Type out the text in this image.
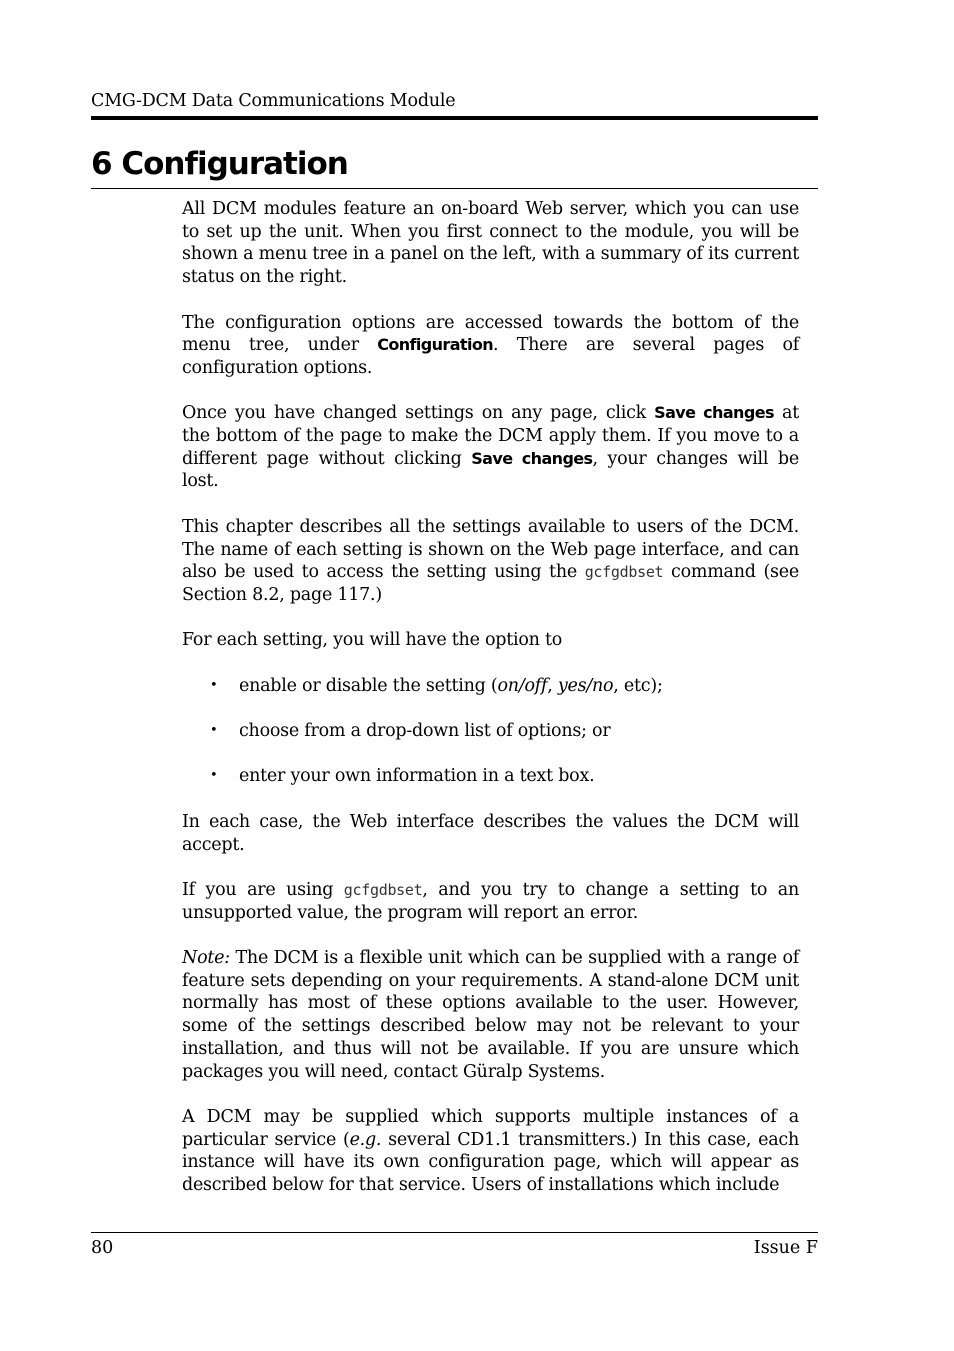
CMG-DCM Data Communications Module
6 Configuration

All DCM modules feature an on-board Web server, which you can use to set up the unit. When you first connect to the module, you will be shown a menu tree in a panel on the left, with a summary of its current status on the right.

The configuration options are accessed towards the bottom of the menu tree, under Configuration. There are several pages of configuration options.

Once you have changed settings on any page, click Save changes at the bottom of the page to make the DCM apply them. If you move to a different page without clicking Save changes, your changes will be lost.

This chapter describes all the settings available to users of the DCM. The name of each setting is shown on the Web page interface, and can also be used to access the setting using the gcfgdbset command (see Section 8.2, page 117.)

For each setting, you will have the option to

• enable or disable the setting (on/off, yes/no, etc);
• choose from a drop-down list of options; or
• enter your own information in a text box.

In each case, the Web interface describes the values the DCM will accept.

If you are using gcfgdbset, and you try to change a setting to an unsupported value, the program will report an error.

Note: The DCM is a flexible unit which can be supplied with a range of feature sets depending on your requirements. A stand-alone DCM unit normally has most of these options available to the user. However, some of the settings described below may not be relevant to your installation, and thus will not be available. If you are unsure which packages you will need, contact Güralp Systems.

A DCM may be supplied which supports multiple instances of a particular service (e.g. several CD1.1 transmitters.) In this case, each instance will have its own configuration page, which will appear as described below for that service. Users of installations which include

80	Issue F
